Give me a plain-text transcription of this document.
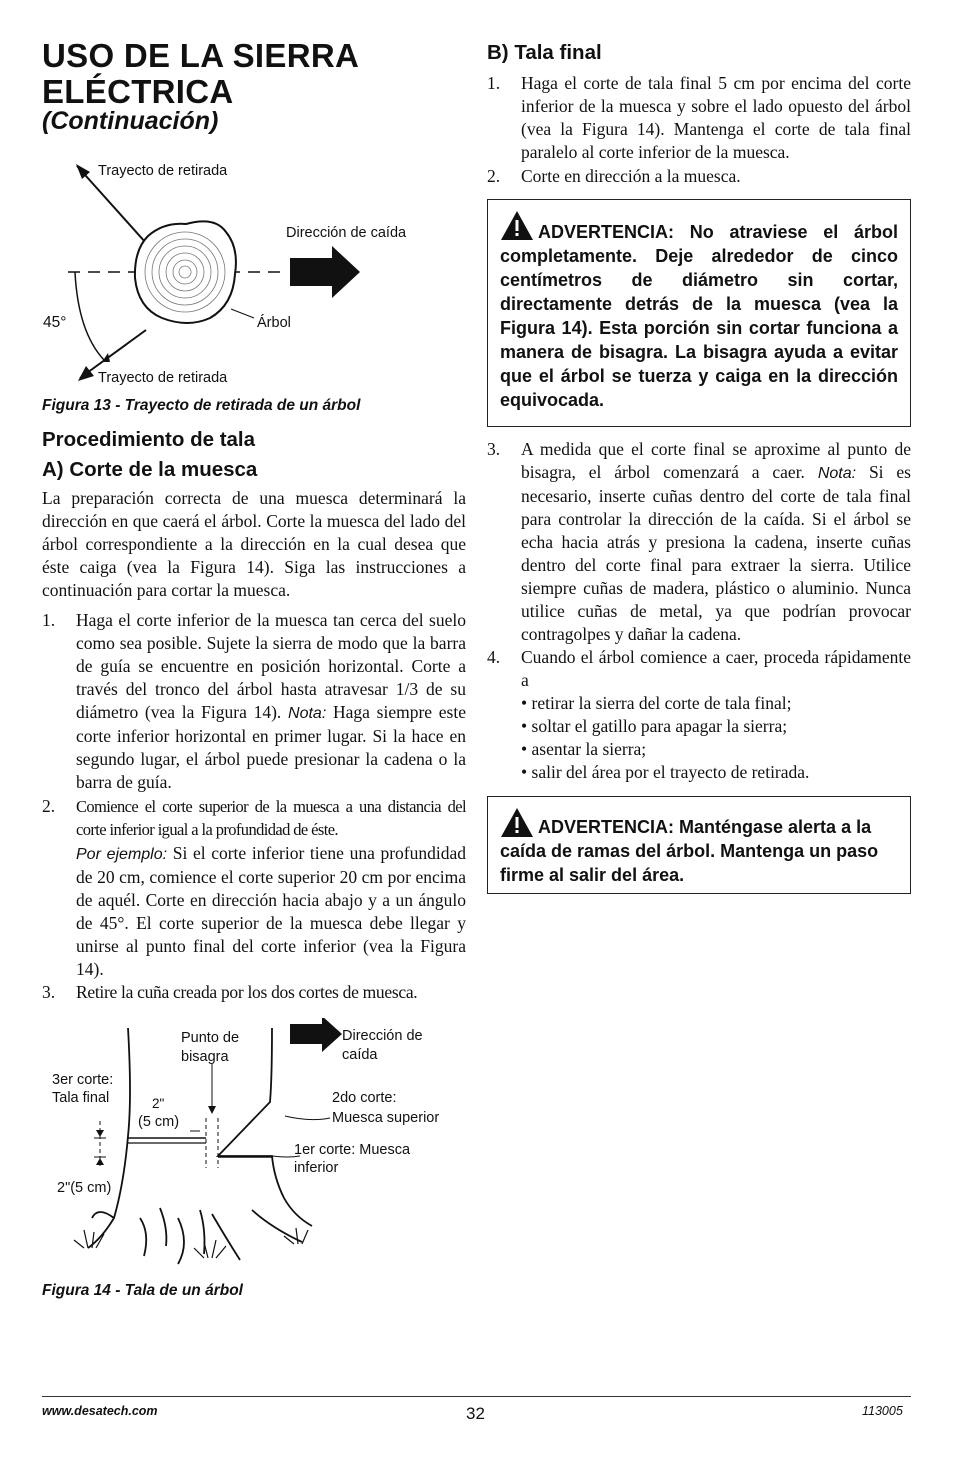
USO DE LA SIERRA ELÉCTRICA
(Continuación)
Trayecto de retirada
Dirección de caída
45°	Árbol
Trayecto de retirada
Figura 13 - Trayecto de retirada de un árbol
Procedimiento de tala
A) Corte de la muesca
La preparación correcta de una muesca determinará la dirección en que caerá el árbol. Corte la muesca del lado del árbol correspondiente a la dirección en la cual desea que éste caiga (vea la Figura 14). Siga las instrucciones a continuación para cortar la muesca.
1. Haga el corte inferior de la muesca tan cerca del suelo como sea posible. Sujete la sierra de modo que la barra de guía se encuentre en posición horizontal. Corte a través del tronco del árbol hasta atravesar 1/3 de su diámetro (vea la Figura 14). Nota: Haga siempre este corte inferior horizontal en primer lugar. Si la hace en segundo lugar, el árbol puede presionar la cadena o la barra de guía.
2. Comience el corte superior de la muesca a una distancia del corte inferior igual a la profundidad de éste.
Por ejemplo: Si el corte inferior tiene una profundidad de 20 cm, comience el corte superior 20 cm por encima de aquél. Corte en dirección hacia abajo y a un ángulo de 45°. El corte superior de la muesca debe llegar y unirse al punto final del corte inferior (vea la Figura 14).
3. Retire la cuña creada por los dos cortes de muesca.
Punto de
bisagra
Dirección de
caída
3er corte:
Tala final	2"
(5 cm)
2do corte:
Muesca superior
1er corte: Muesca
inferior
2"(5 cm)
Figura 14 - Tala de un árbol
B) Tala final
1. Haga el corte de tala final 5 cm por encima del corte inferior de la muesca y sobre el lado opuesto del árbol (vea la Figura 14). Mantenga el corte de tala final paralelo al corte inferior de la muesca.
2. Corte en dirección a la muesca.
ADVERTENCIA: No atraviese el árbol completamente. Deje alrededor de cinco centímetros de diámetro sin cortar, directamente detrás de la muesca (vea la Figura 14). Esta porción sin cortar funciona a manera de bisagra. La bisagra ayuda a evitar que el árbol se tuerza y caiga en la dirección equivocada.
3. A medida que el corte final se aproxime al punto de bisagra, el árbol comenzará a caer. Nota: Si es necesario, inserte cuñas dentro del corte de tala final para controlar la dirección de la caída. Si el árbol se echa hacia atrás y presiona la cadena, inserte cuñas dentro del corte final para extraer la sierra. Utilice siempre cuñas de madera, plástico o aluminio. Nunca utilice cuñas de metal, ya que podrían provocar contragolpes y dañar la cadena.
4. Cuando el árbol comience a caer, proceda rápidamente a
• retirar la sierra del corte de tala final;
• soltar el gatillo para apagar la sierra;
• asentar la sierra;
• salir del área por el trayecto de retirada.
ADVERTENCIA: Manténgase alerta a la caída de ramas del árbol. Mantenga un paso firme al salir del área.
www.desatech.com	32	113005
